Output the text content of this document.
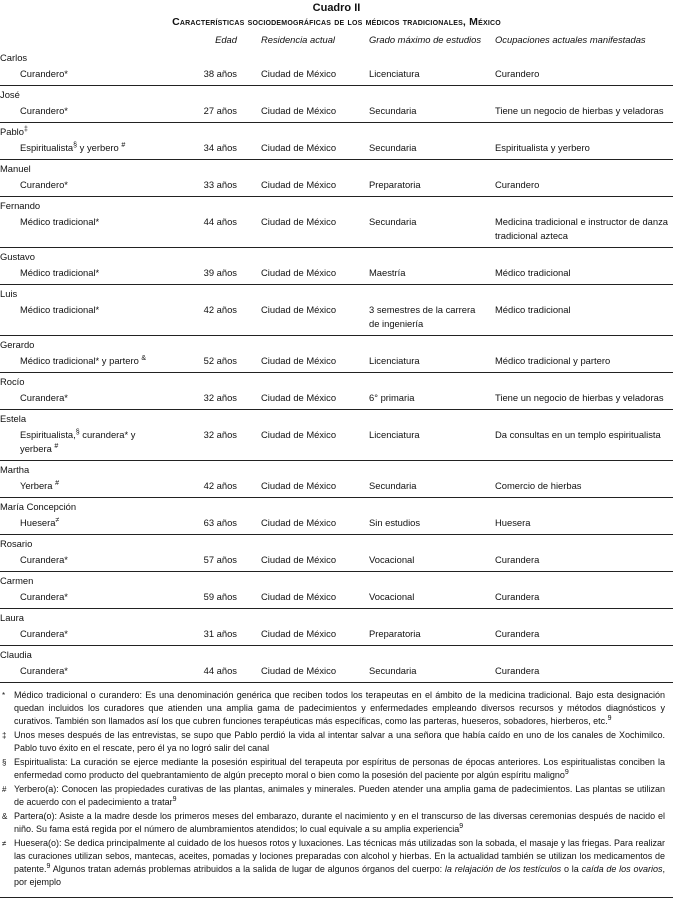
Cuadro II
Características sociodemográficas de los médicos tradicionales, México
	Edad	Residencia actual	Grado máximo de estudios	Ocupaciones actuales manifestadas
Carlos				
Curandero*	38 años	Ciudad de México	Licenciatura	Curandero
José				
Curandero*	27 años	Ciudad de México	Secundaria	Tiene un negocio de hierbas y veladoras
Pablo‡
Espiritualista§ y yerbero #	34 años	Ciudad de México	Secundaria	Espiritualista y yerbero
Manuel				
Curandero*	33 años	Ciudad de México	Preparatoria	Curandero
Fernando				
Médico tradicional*	44 años	Ciudad de México	Secundaria	Medicina tradicional e instructor de danza tradicional azteca
Gustavo				
Médico tradicional*	39 años	Ciudad de México	Maestría	Médico tradicional
Luis				
Médico tradicional*	42 años	Ciudad de México	3 semestres de la carrera de ingeniería	Médico tradicional
Gerardo				
Médico tradicional* y partero &	52 años	Ciudad de México	Licenciatura	Médico tradicional y partero
Rocío				
Curandera*	32 años	Ciudad de México	6° primaria	Tiene un negocio de hierbas y veladoras
Estela				
Espiritualista,§ curandera* y yerbera #	32 años	Ciudad de México	Licenciatura	Da consultas en un templo espiritualista
Martha				
Yerbera #	42 años	Ciudad de México	Secundaria	Comercio de hierbas
María Concepción				
Huesera≠	63 años	Ciudad de México	Sin estudios	Huesera
Rosario				
Curandera*	57 años	Ciudad de México	Vocacional	Curandera
Carmen				
Curandera*	59 años	Ciudad de México	Vocacional	Curandera
Laura				
Curandera*	31 años	Ciudad de México	Preparatoria	Curandera
Claudia				
Curandera*	44 años	Ciudad de México	Secundaria	Curandera
* Médico tradicional o curandero: Es una denominación genérica que reciben todos los terapeutas en el ámbito de la medicina tradicional. Bajo esta designación quedan incluidos los curadores que atienden una amplia gama de padecimientos y enfermedades empleando diversos recursos y métodos diagnósticos y curativos. También son llamados así los que cubren funciones terapéuticas más específicas, como las parteras, hueseros, sobadores, hierberos, etc.$^9$
‡ Unos meses después de las entrevistas, se supo que Pablo perdió la vida al intentar salvar a una señora que había caído en uno de los canales de Xochimilco. Pablo tuvo éxito en el rescate, pero él ya no logró salir del canal
§ Espiritualista: La curación se ejerce mediante la posesión espiritual del terapeuta por espíritus de personas de épocas anteriores. Los espiritualistas conciben la enfermedad como producto del quebrantamiento de algún precepto moral o bien como la posesión del paciente por algún espíritu maligno$^9$
# Yerbero(a): Conocen las propiedades curativas de las plantas, animales y minerales. Pueden atender una amplia gama de padecimientos. Las plantas se utilizan de acuerdo con el padecimiento a tratar$^9$
& Partera(o): Asiste a la madre desde los primeros meses del embarazo, durante el nacimiento y en el transcurso de las diversas ceremonias después de nacido el niño. Su fama está regida por el número de alumbramientos atendidos; lo cual equivale a su amplia experiencia$^9$
≠ Huesera(o): Se dedica principalmente al cuidado de los huesos rotos y luxaciones. Las técnicas más utilizadas son la sobada, el masaje y las friegas. Para realizar las curaciones utilizan sebos, mantecas, aceites, pomadas y lociones preparadas con alcohol y hierbas. En la actualidad también se utilizan los medicamentos de patente.$^9$ Algunos tratan además problemas atribuidos a la salida de lugar de algunos órganos del cuerpo: la relajación de los testículos o la caída de los ovarios, por ejemplo
